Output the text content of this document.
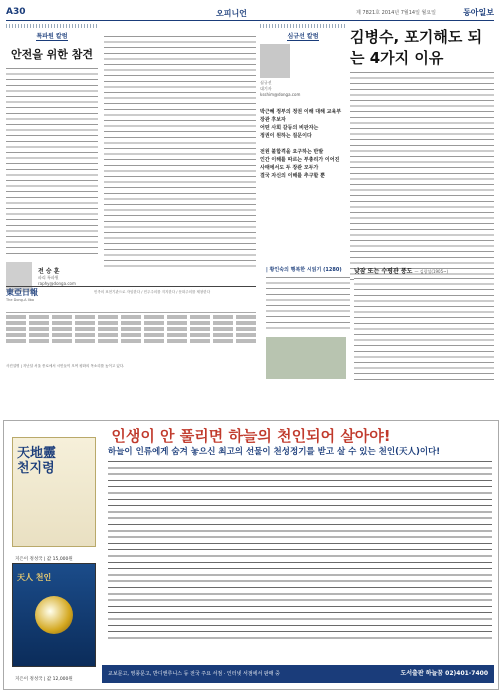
A30	오피니언	제 7821호 2014년 7월14일 월요일	동아일보
특파원 칼럼
안전을 위한 참견
전 승 훈
파리 특파원
raphy@donga.com
심규선 칼럼
심규선
대기자
ksshim@donga.com
박근혜 정부의 정권 이해 대해 교육부 장관 후보자
어떤 사회 갈등의 비판자는
정권이 원하는 질문이다
전원 불합격을 요구하는 반발
인간 이해를 따르는 부총리가 이어진
사태에서도 두 장관 모두가
결국 자신의 이해를 추구할 뿐
김병수, 포기해도 되는 4가지 이유
東亞日報
The Dong-A Ilbo
민족의 표현기관으로 자임한다 / 민주주의를 지지한다 / 문화주의를 제창한다
| 황인숙의 행복한 시읽기 (1280)	낮잠 또는 수평관 풍도 — 김광섭(1905~)
사진설명 | 지난달 서울 종로에서 시민들이 모여 평화의 목소리를 높이고 있다.
인생이 안 풀리면 하늘의 천인되어 살아야!
하늘이 인류에게 숨겨 놓으신 최고의 선물이 천성정기를 받고 살 수 있는 천인(天人)이다!
天地靈
천지령
지은이 정성국 | 값 15,000원
天人 천인
지은이 정성국 | 값 12,000원
교보문고, 영풍문고, 반디앤루니스 등 전국 주요 서점 · 인터넷 서점에서 판매 중	도서출판 하늘꿈 02)401-7400
